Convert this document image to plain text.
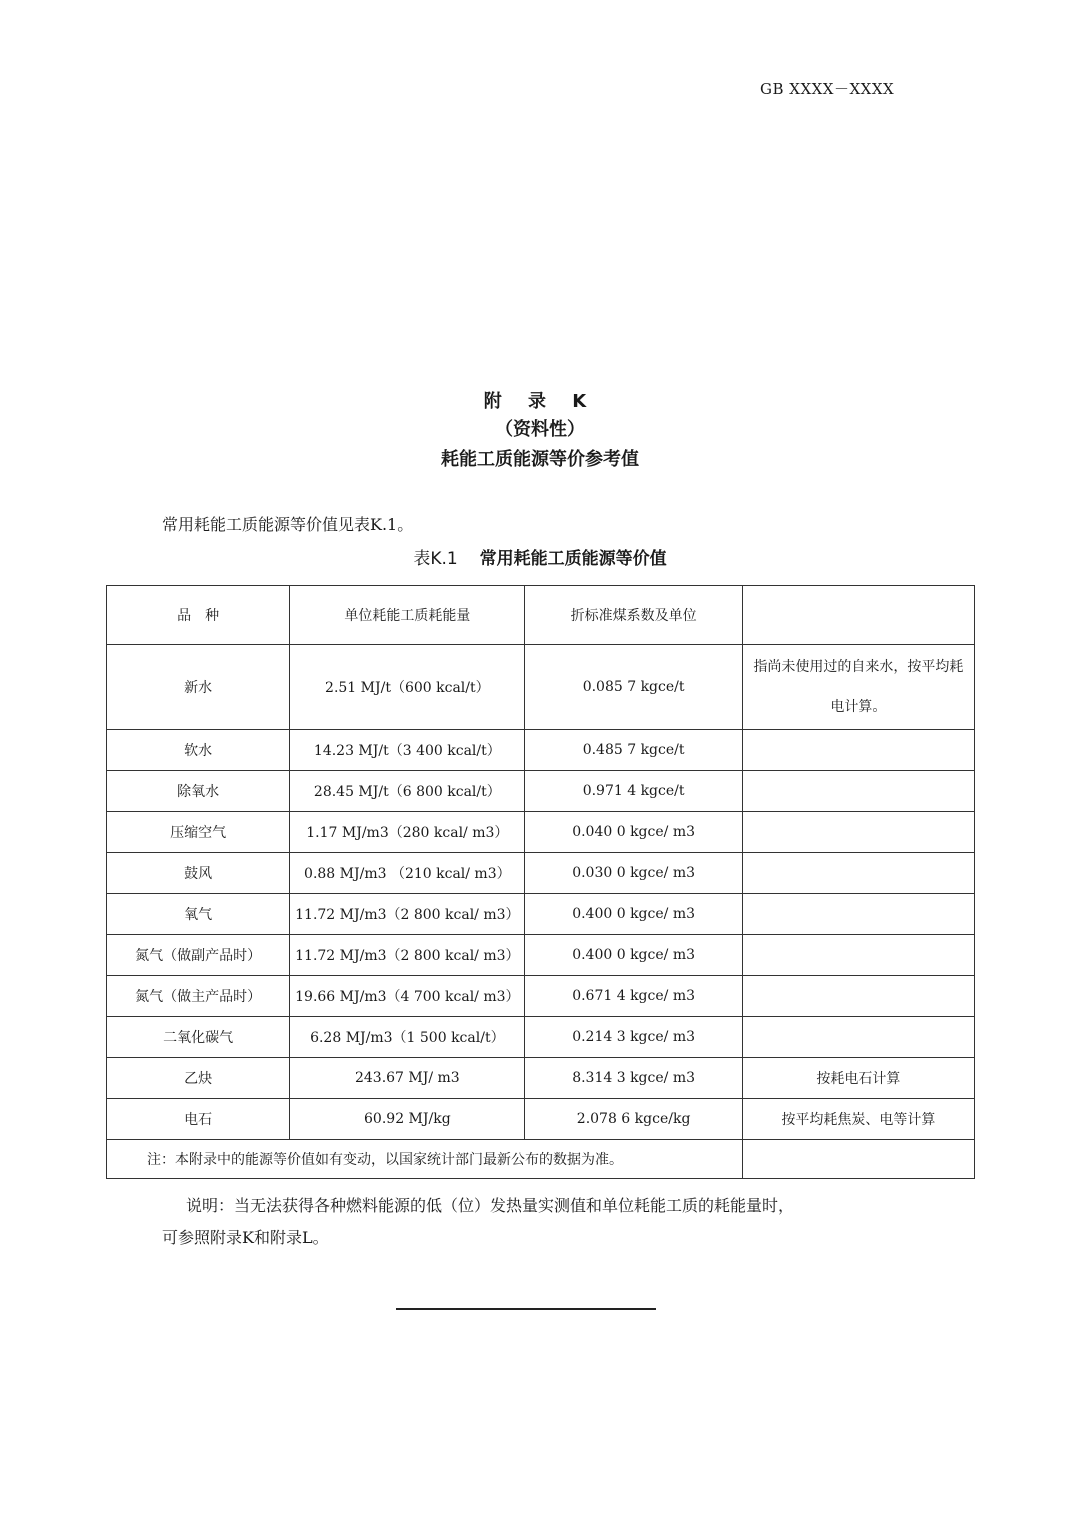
GB XXXX－XXXX
附 录 K
（资料性）
耗能工质能源等价参考值
常用耗能工质能源等价值见表K.1。
表K.1 常用耗能工质能源等价值
品　种	单位耗能工质耗能量	折标准煤系数及单位	
新水	2.51 MJ/t（600 kcal/t）	0.085 7 kgce/t	指尚未使用过的自来水，按平均耗电计算。
软水	14.23 MJ/t（3 400 kcal/t）	0.485 7 kgce/t	
除氧水	28.45 MJ/t（6 800 kcal/t）	0.971 4 kgce/t	
压缩空气	1.17 MJ/m3（280 kcal/ m3）	0.040 0 kgce/ m3	
鼓风	0.88 MJ/m3 （210 kcal/ m3）	0.030 0 kgce/ m3	
氧气	11.72 MJ/m3（2 800 kcal/ m3）	0.400 0 kgce/ m3	
氮气（做副产品时）	11.72 MJ/m3（2 800 kcal/ m3）	0.400 0 kgce/ m3	
氮气（做主产品时）	19.66 MJ/m3（4 700 kcal/ m3）	0.671 4 kgce/ m3	
二氧化碳气	6.28 MJ/m3（1 500 kcal/t）	0.214 3 kgce/ m3	
乙炔	243.67 MJ/ m3	8.314 3 kgce/ m3	按耗电石计算
电石	60.92 MJ/kg	2.078 6 kgce/kg	按平均耗焦炭、电等计算
注：本附录中的能源等价值如有变动，以国家统计部门最新公布的数据为准。			
说明：当无法获得各种燃料能源的低（位）发热量实测值和单位耗能工质的耗能量时，
可参照附录K和附录L。
